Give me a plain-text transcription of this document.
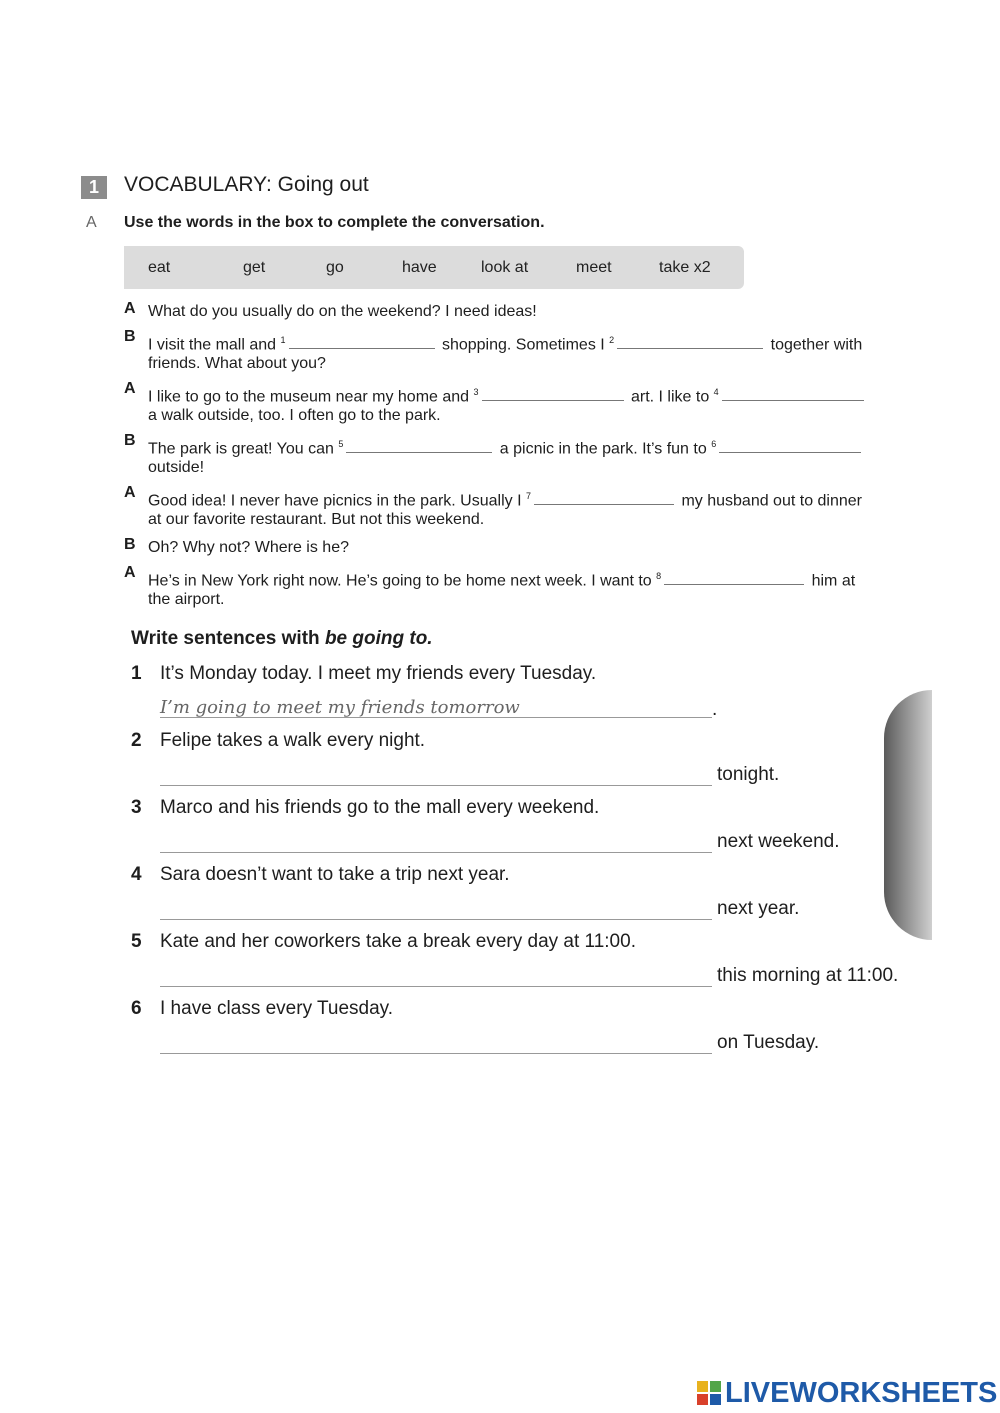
1	VOCABULARY: Going out
A Use the words in the box to complete the conversation.
eat	get	go	have	look at	meet	take x2
A What do you usually do on the weekend? I need ideas!
B I visit the mall and $^1$	shopping. Sometimes I $^2$	together with
friends. What about you?
A I like to go to the museum near my home and $^3$	art. I like to $^4$
a walk outside, too. I often go to the park.
B The park is great! You can $^5$	a picnic in the park. It’s fun to $^6$
outside!
A Good idea! I never have picnics in the park. Usually I $^7$	my husband out to dinner
at our favorite restaurant. But not this weekend.
B Oh? Why not? Where is he?
A He’s in New York right now. He’s going to be home next week. I want to $^8$	him at
the airport.
Write sentences with be going to.
1 It’s Monday today. I meet my friends every Tuesday.
I’m going to meet my friends tomorrow	.
2 Felipe takes a walk every night.
tonight.
3 Marco and his friends go to the mall every weekend.
next weekend.
4 Sara doesn’t want to take a trip next year.
next year.
5 Kate and her coworkers take a break every day at 11:00.
this morning at 11:00.
6 I have class every Tuesday.
on Tuesday.
LIVEWORKSHEETS
